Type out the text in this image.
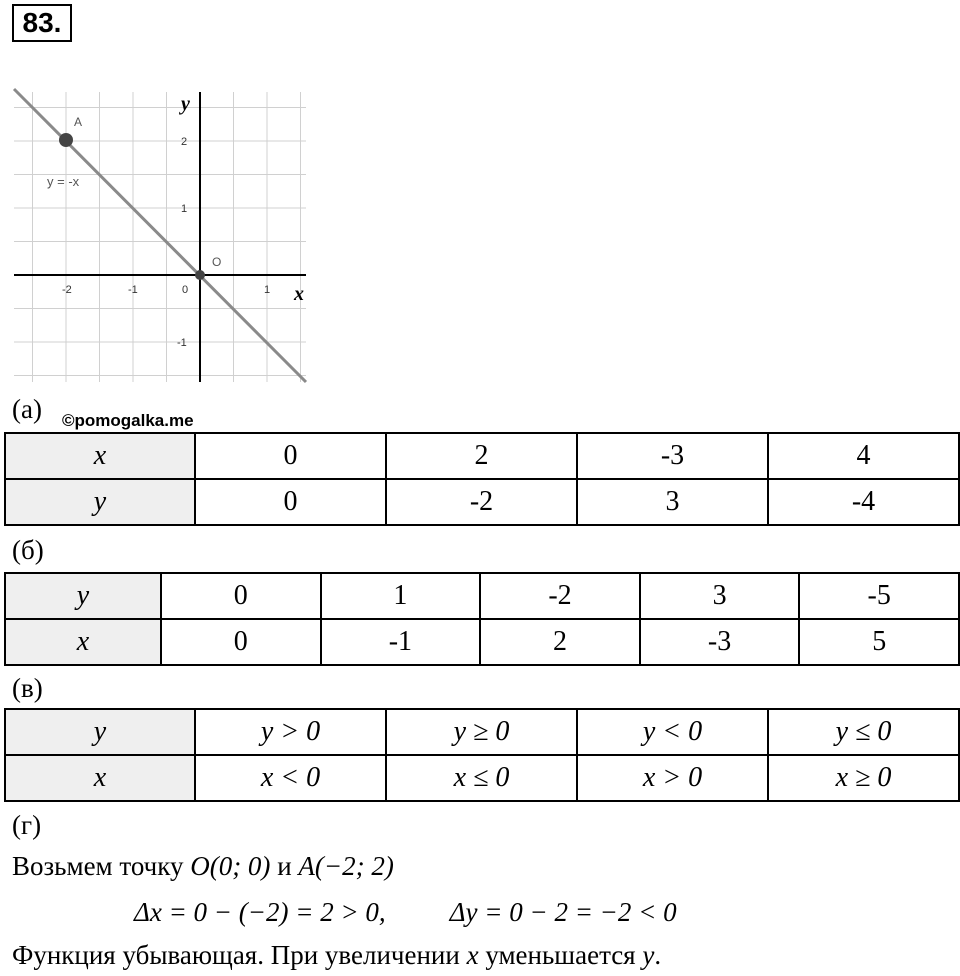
83.
A
O
y = -x
x
y
-2	-1	0	1
2
1
-1
(а) ©pomogalka.me
x	0	2	-3	4
y	0	-2	3	-4
(б)
y	0	1	-2	3	-5
x	0	-1	2	-3	5
(в)
y	y > 0	y ≥ 0	y < 0	y ≤ 0
x	x < 0	x ≤ 0	x > 0	x ≥ 0
(г)
Возьмем точку O(0; 0) и A(−2; 2)
Δx = 0 − (−2) = 2 > 0, Δy = 0 − 2 = −2 < 0
Функция убывающая. При увеличении x уменьшается y.
